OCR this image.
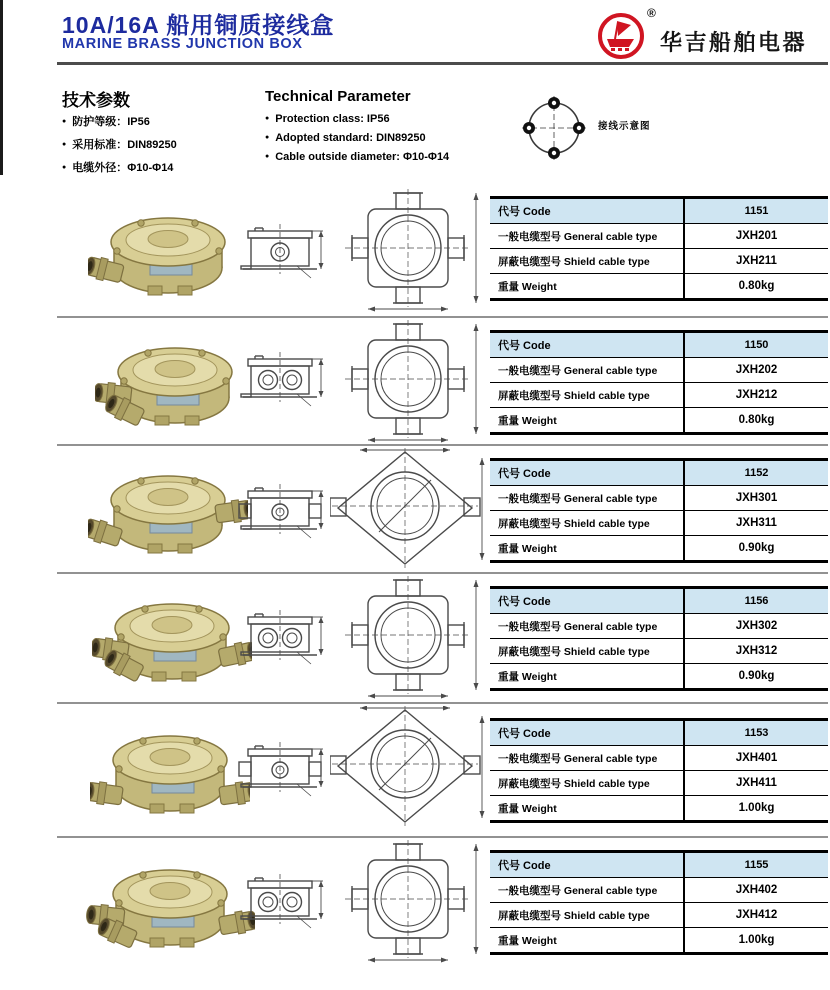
10A/16A 船用铜质接线盒
MARINE BRASS JUNCTION BOX
®
华吉船舶电器
技术参数
● 防护等级：IP56
● 采用标准：DIN89250
● 电缆外径：Φ10-Φ14
Technical Parameter
● Protection class: IP56
● Adopted standard: DIN89250
● Cable outside diameter: Φ10-Φ14
接线示意图
代号 Code	1151
一般电缆型号 General cable type	JXH201
屏蔽电缆型号 Shield cable type	JXH211
重量 Weight	0.80kg
代号 Code	1150
一般电缆型号 General cable type	JXH202
屏蔽电缆型号 Shield cable type	JXH212
重量 Weight	0.80kg
代号 Code	1152
一般电缆型号 General cable type	JXH301
屏蔽电缆型号 Shield cable type	JXH311
重量 Weight	0.90kg
代号 Code	1156
一般电缆型号 General cable type	JXH302
屏蔽电缆型号 Shield cable type	JXH312
重量 Weight	0.90kg
代号 Code	1153
一般电缆型号 General cable type	JXH401
屏蔽电缆型号 Shield cable type	JXH411
重量 Weight	1.00kg
代号 Code	1155
一般电缆型号 General cable type	JXH402
屏蔽电缆型号 Shield cable type	JXH412
重量 Weight	1.00kg
